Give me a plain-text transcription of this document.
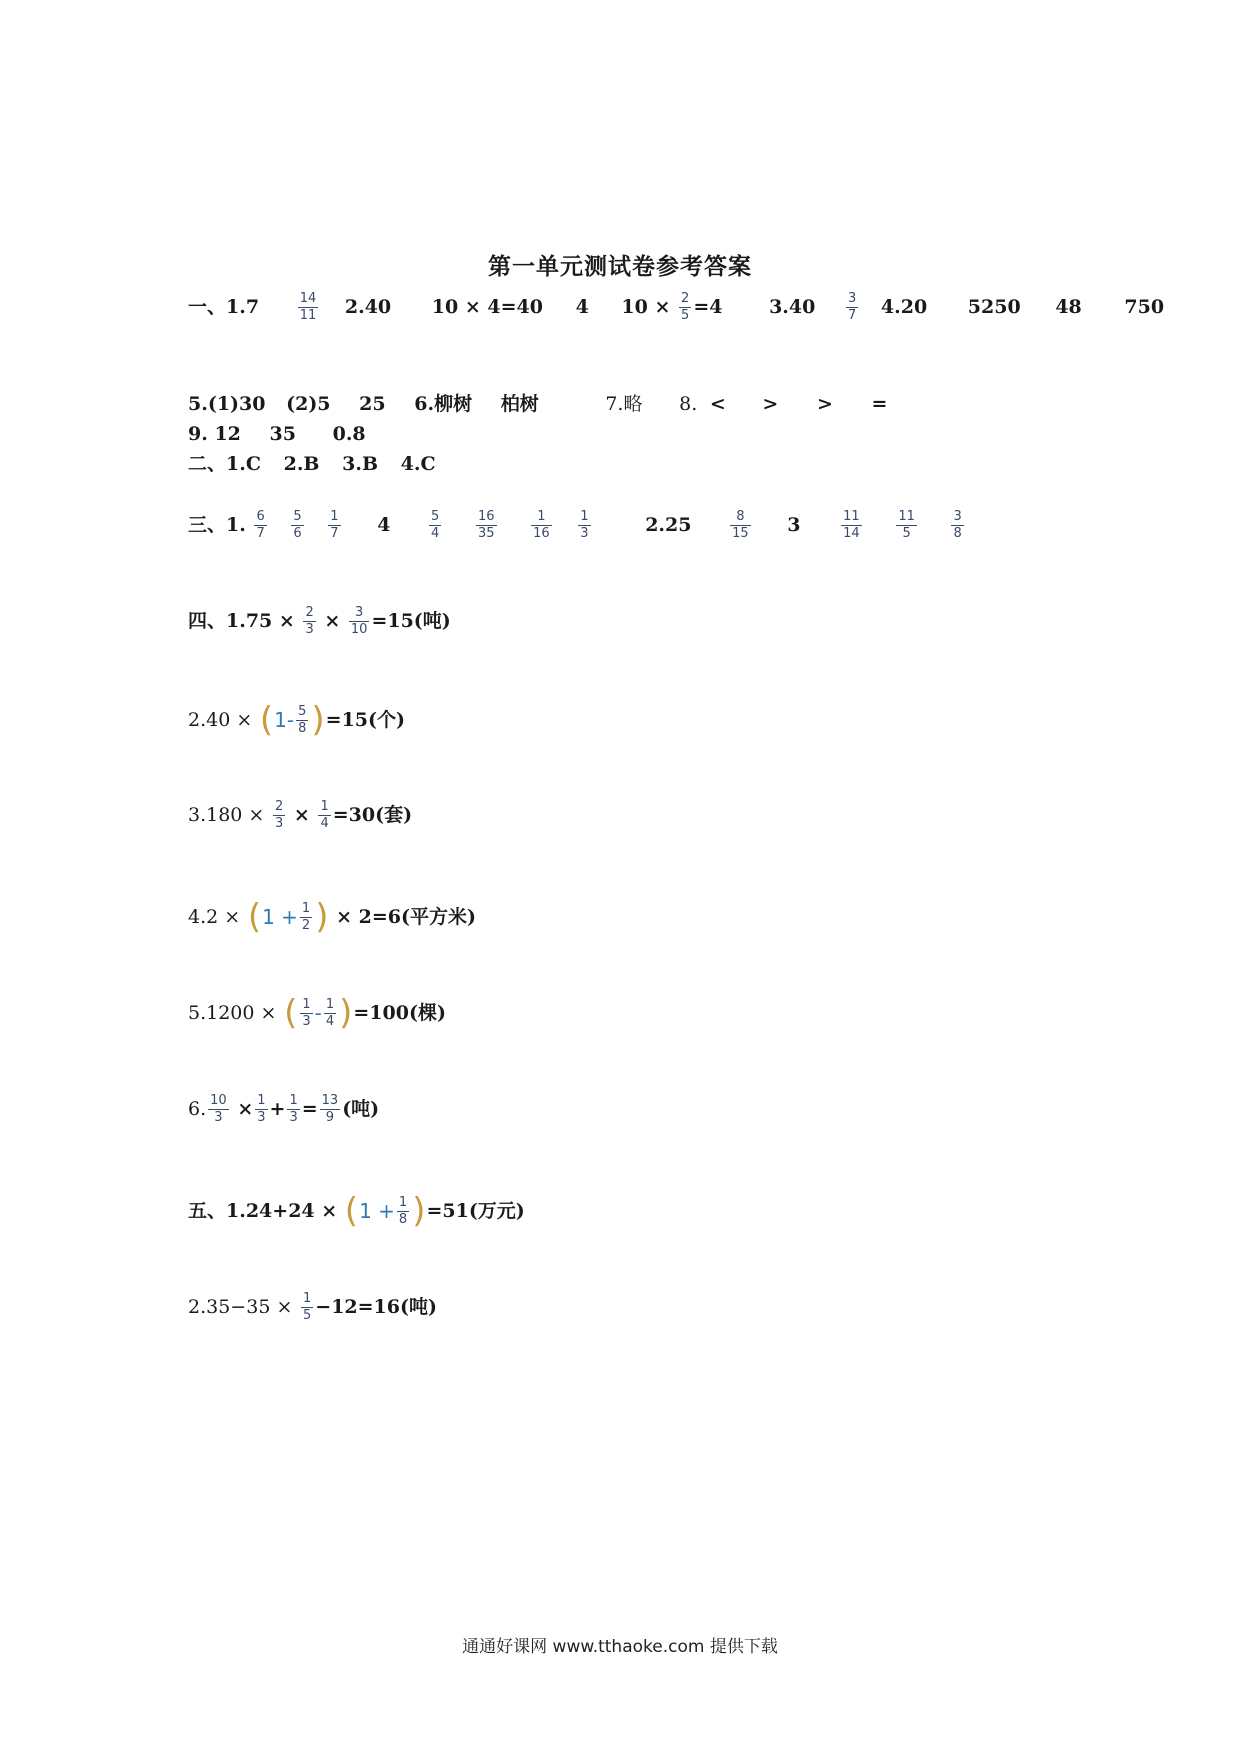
第一单元测试卷参考答案
一、1.7	$\frac{14}{11} 2.40$ 10 × 4=40 4 $10 \times \frac{2}{5} =4$ $3.40 \frac{3}{7} 4.20$ 5250 48 750
5.(1)30 (2)5 25 6.柳树 柏树	7.略 8. < > > =
9. 12 35 0.8
二、1.C 2.B 3.B 4.C
三、1. $\frac{6}{7}$
$\frac{5}{6}$
$\frac{1}{7} 4$	$\frac{5}{4}$
	$\frac{16}{35}$
	$\frac{1}{16}$
$\frac{1}{3}$	2.25	$\frac{8}{15} 3$	$\frac{11}{14}$
	$\frac{11}{5}$
	$\frac{3}{8}$
四、$1.75 \times \frac{2}{3} \times \frac{3}{10} =15$(吨)
$2.40 \times (1- \frac{5}{8} )=15$(个)
$3.180 \times \frac{2}{3} \times \frac{1}{4} =30$(套)
$4.2 \times (1 + \frac{1}{2}$ ) × 2=6(平方米)
5.1200 × ( $\frac{1}{3} - \frac{1}{4} )=100$(棵)
6. $\frac{10}{3} \times \frac{1}{3} + \frac{1}{3} = \frac{13}{9}$ (吨)
五、$1.24+24 \times (1 + \frac{1}{8} )=51$(万元)
$2.35-35 \times \frac{1}{5} -12=16$(吨)
通通好课网 www.tthaoke.com 提供下载
